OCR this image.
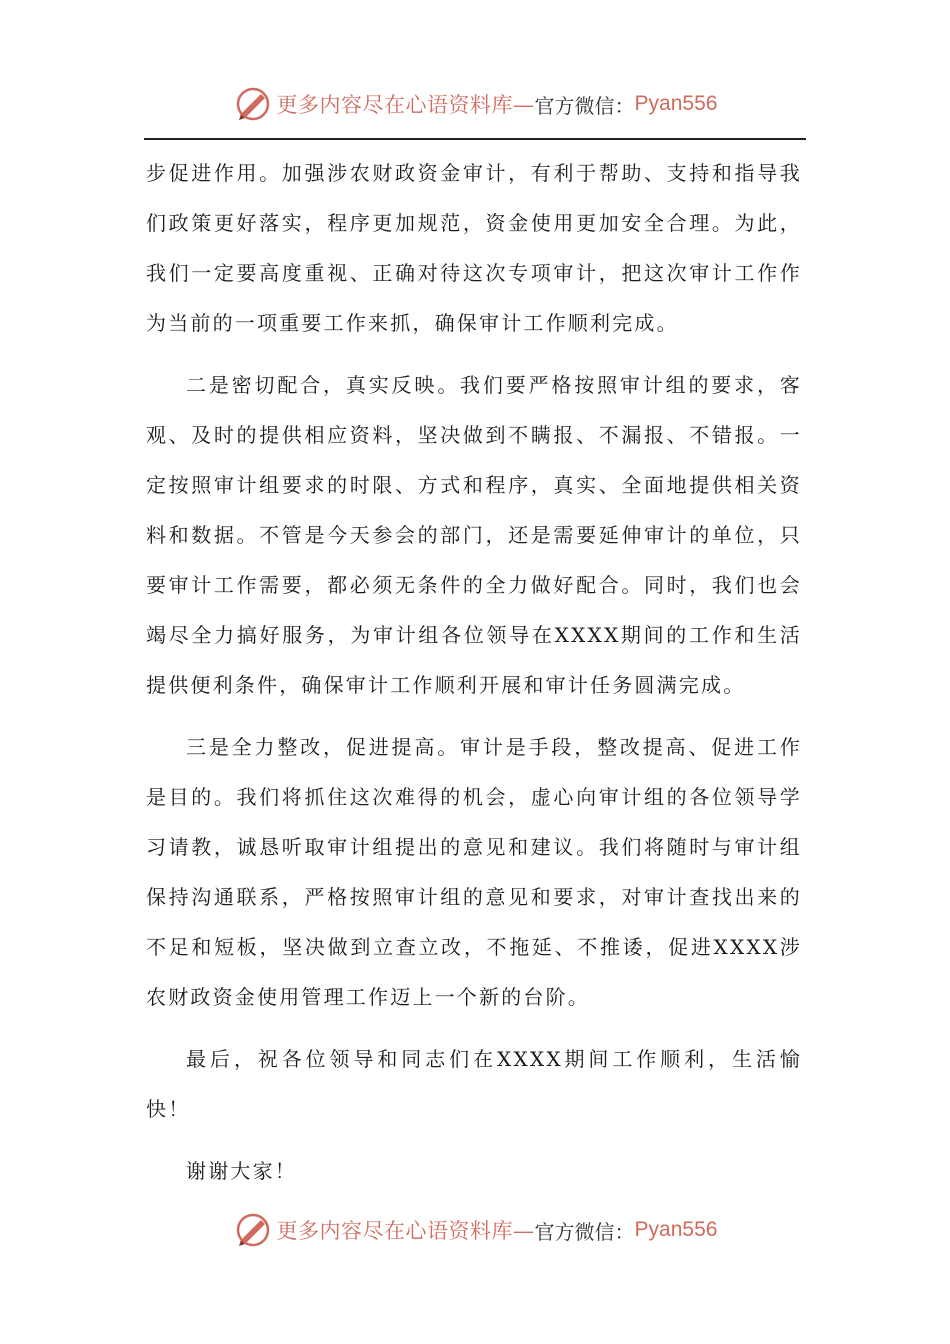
更多内容尽在心语资料库— 官方微信： Pyan556

步促进作用。加强涉农财政资金审计，有利于帮助、支持和指导我们政策更好落实，程序更加规范，资金使用更加安全合理。为此，我们一定要高度重视、正确对待这次专项审计，把这次审计工作作为当前的一项重要工作来抓，确保审计工作顺利完成。

二是密切配合，真实反映。我们要严格按照审计组的要求，客观、及时的提供相应资料，坚决做到不瞒报、不漏报、不错报。一定按照审计组要求的时限、方式和程序，真实、全面地提供相关资料和数据。不管是今天参会的部门，还是需要延伸审计的单位，只要审计工作需要，都必须无条件的全力做好配合。同时，我们也会竭尽全力搞好服务，为审计组各位领导在XXXX期间的工作和生活提供便利条件，确保审计工作顺利开展和审计任务圆满完成。

三是全力整改，促进提高。审计是手段，整改提高、促进工作是目的。我们将抓住这次难得的机会，虚心向审计组的各位领导学习请教，诚恳听取审计组提出的意见和建议。我们将随时与审计组保持沟通联系，严格按照审计组的意见和要求，对审计查找出来的不足和短板，坚决做到立查立改，不拖延、不推诿，促进XXXX涉农财政资金使用管理工作迈上一个新的台阶。

最后，祝各位领导和同志们在XXXX期间工作顺利，生活愉快！

谢谢大家！

更多内容尽在心语资料库— 官方微信： Pyan556
